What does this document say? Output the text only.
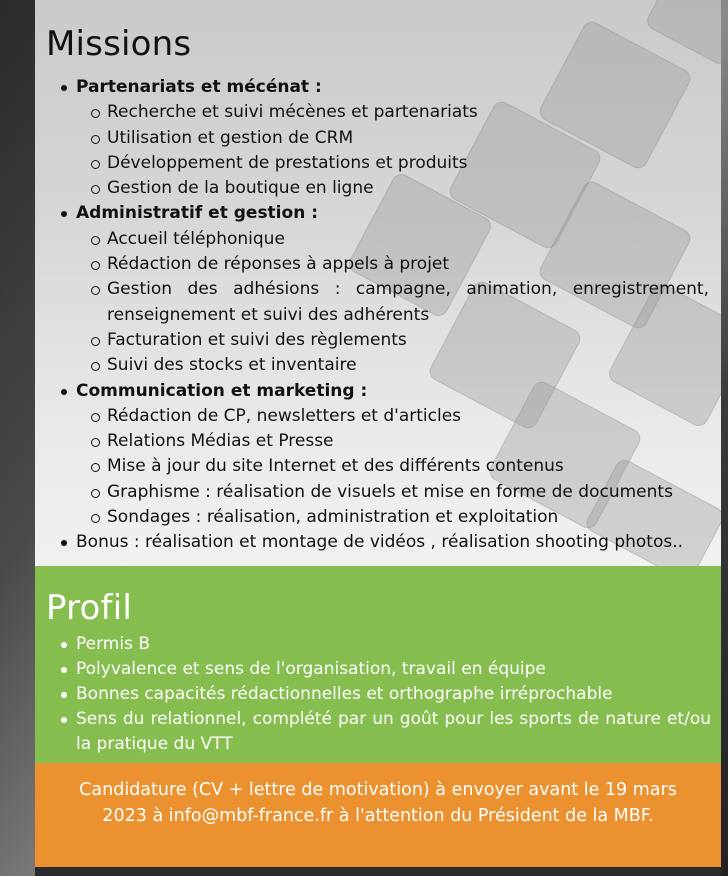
Missions
Partenariats et mécénat :
Recherche et suivi mécènes et partenariats
Utilisation et gestion de CRM
Développement de prestations et produits
Gestion de la boutique en ligne
Administratif et gestion :
Accueil téléphonique
Rédaction de réponses à appels à projet
Gestion des adhésions : campagne, animation, enregistrement, renseignement et suivi des adhérents
Facturation et suivi des règlements
Suivi des stocks et inventaire
Communication et marketing :
Rédaction de CP, newsletters et d'articles
Relations Médias et Presse
Mise à jour du site Internet et des différents contenus
Graphisme : réalisation de visuels et mise en forme de documents
Sondages : réalisation, administration et exploitation
Bonus : réalisation et montage de vidéos , réalisation shooting photos..
Profil
Permis B
Polyvalence et sens de l'organisation, travail en équipe
Bonnes capacités rédactionnelles et orthographe irréprochable
Sens du relationnel, complété par un goût pour les sports de nature et/ou la pratique du VTT

Candidature (CV + lettre de motivation) à envoyer avant le 19 mars 2023 à info@mbf-france.fr à l'attention du Président de la MBF.
